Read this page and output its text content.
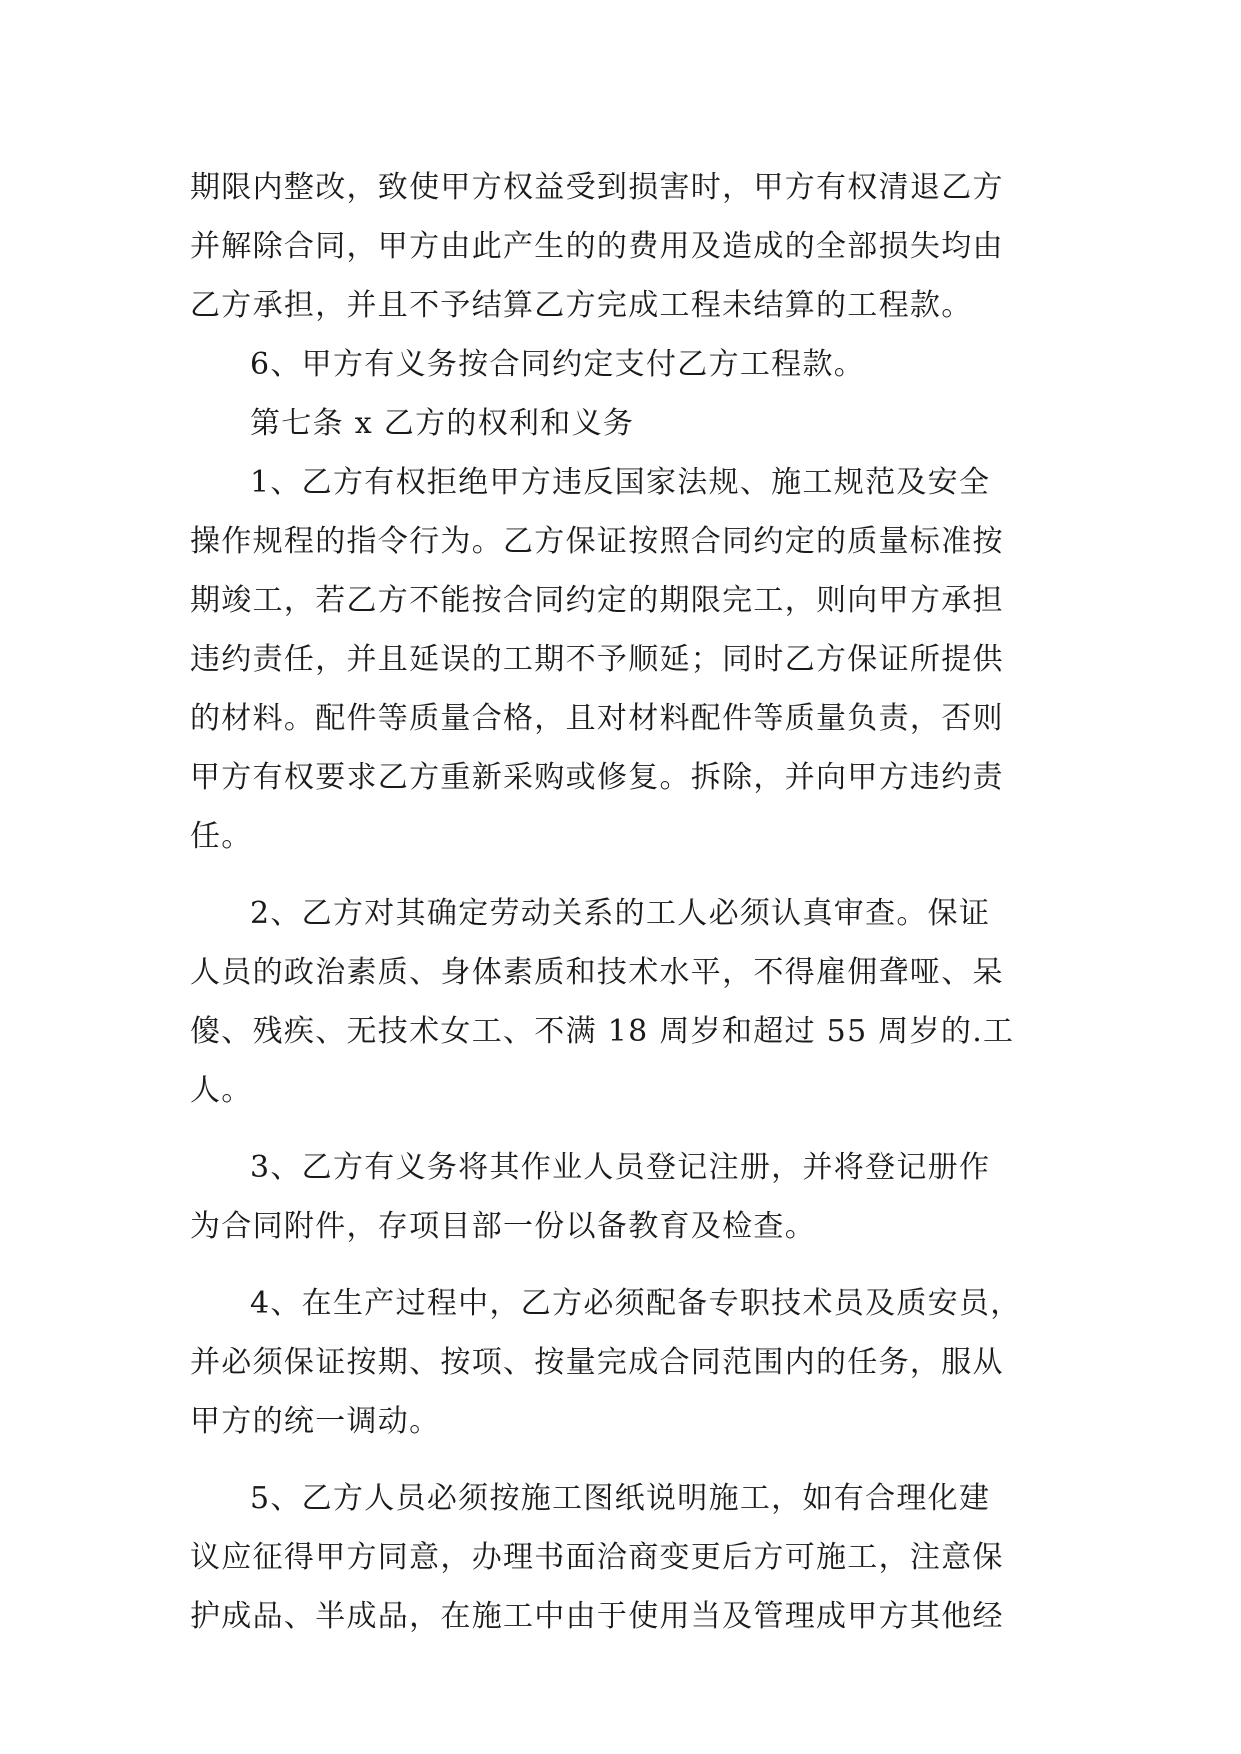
期限内整改，致使甲方权益受到损害时，甲方有权清退乙方
并解除合同，甲方由此产生的的费用及造成的全部损失均由
乙方承担，并且不予结算乙方完成工程未结算的工程款。
6、甲方有义务按合同约定支付乙方工程款。
第七条 x 乙方的权利和义务
1、乙方有权拒绝甲方违反国家法规、施工规范及安全
操作规程的指令行为。乙方保证按照合同约定的质量标准按
期竣工，若乙方不能按合同约定的期限完工，则向甲方承担
违约责任，并且延误的工期不予顺延；同时乙方保证所提供
的材料。配件等质量合格，且对材料配件等质量负责，否则
甲方有权要求乙方重新采购或修复。拆除，并向甲方违约责
任。
2、乙方对其确定劳动关系的工人必须认真审查。保证
人员的政治素质、身体素质和技术水平，不得雇佣聋哑、呆
傻、残疾、无技术女工、不满 18 周岁和超过 55 周岁的.工
人。
3、乙方有义务将其作业人员登记注册，并将登记册作
为合同附件，存项目部一份以备教育及检查。
4、在生产过程中，乙方必须配备专职技术员及质安员，
并必须保证按期、按项、按量完成合同范围内的任务，服从
甲方的统一调动。
5、乙方人员必须按施工图纸说明施工，如有合理化建
议应征得甲方同意，办理书面洽商变更后方可施工，注意保
护成品、半成品，在施工中由于使用当及管理成甲方其他经
